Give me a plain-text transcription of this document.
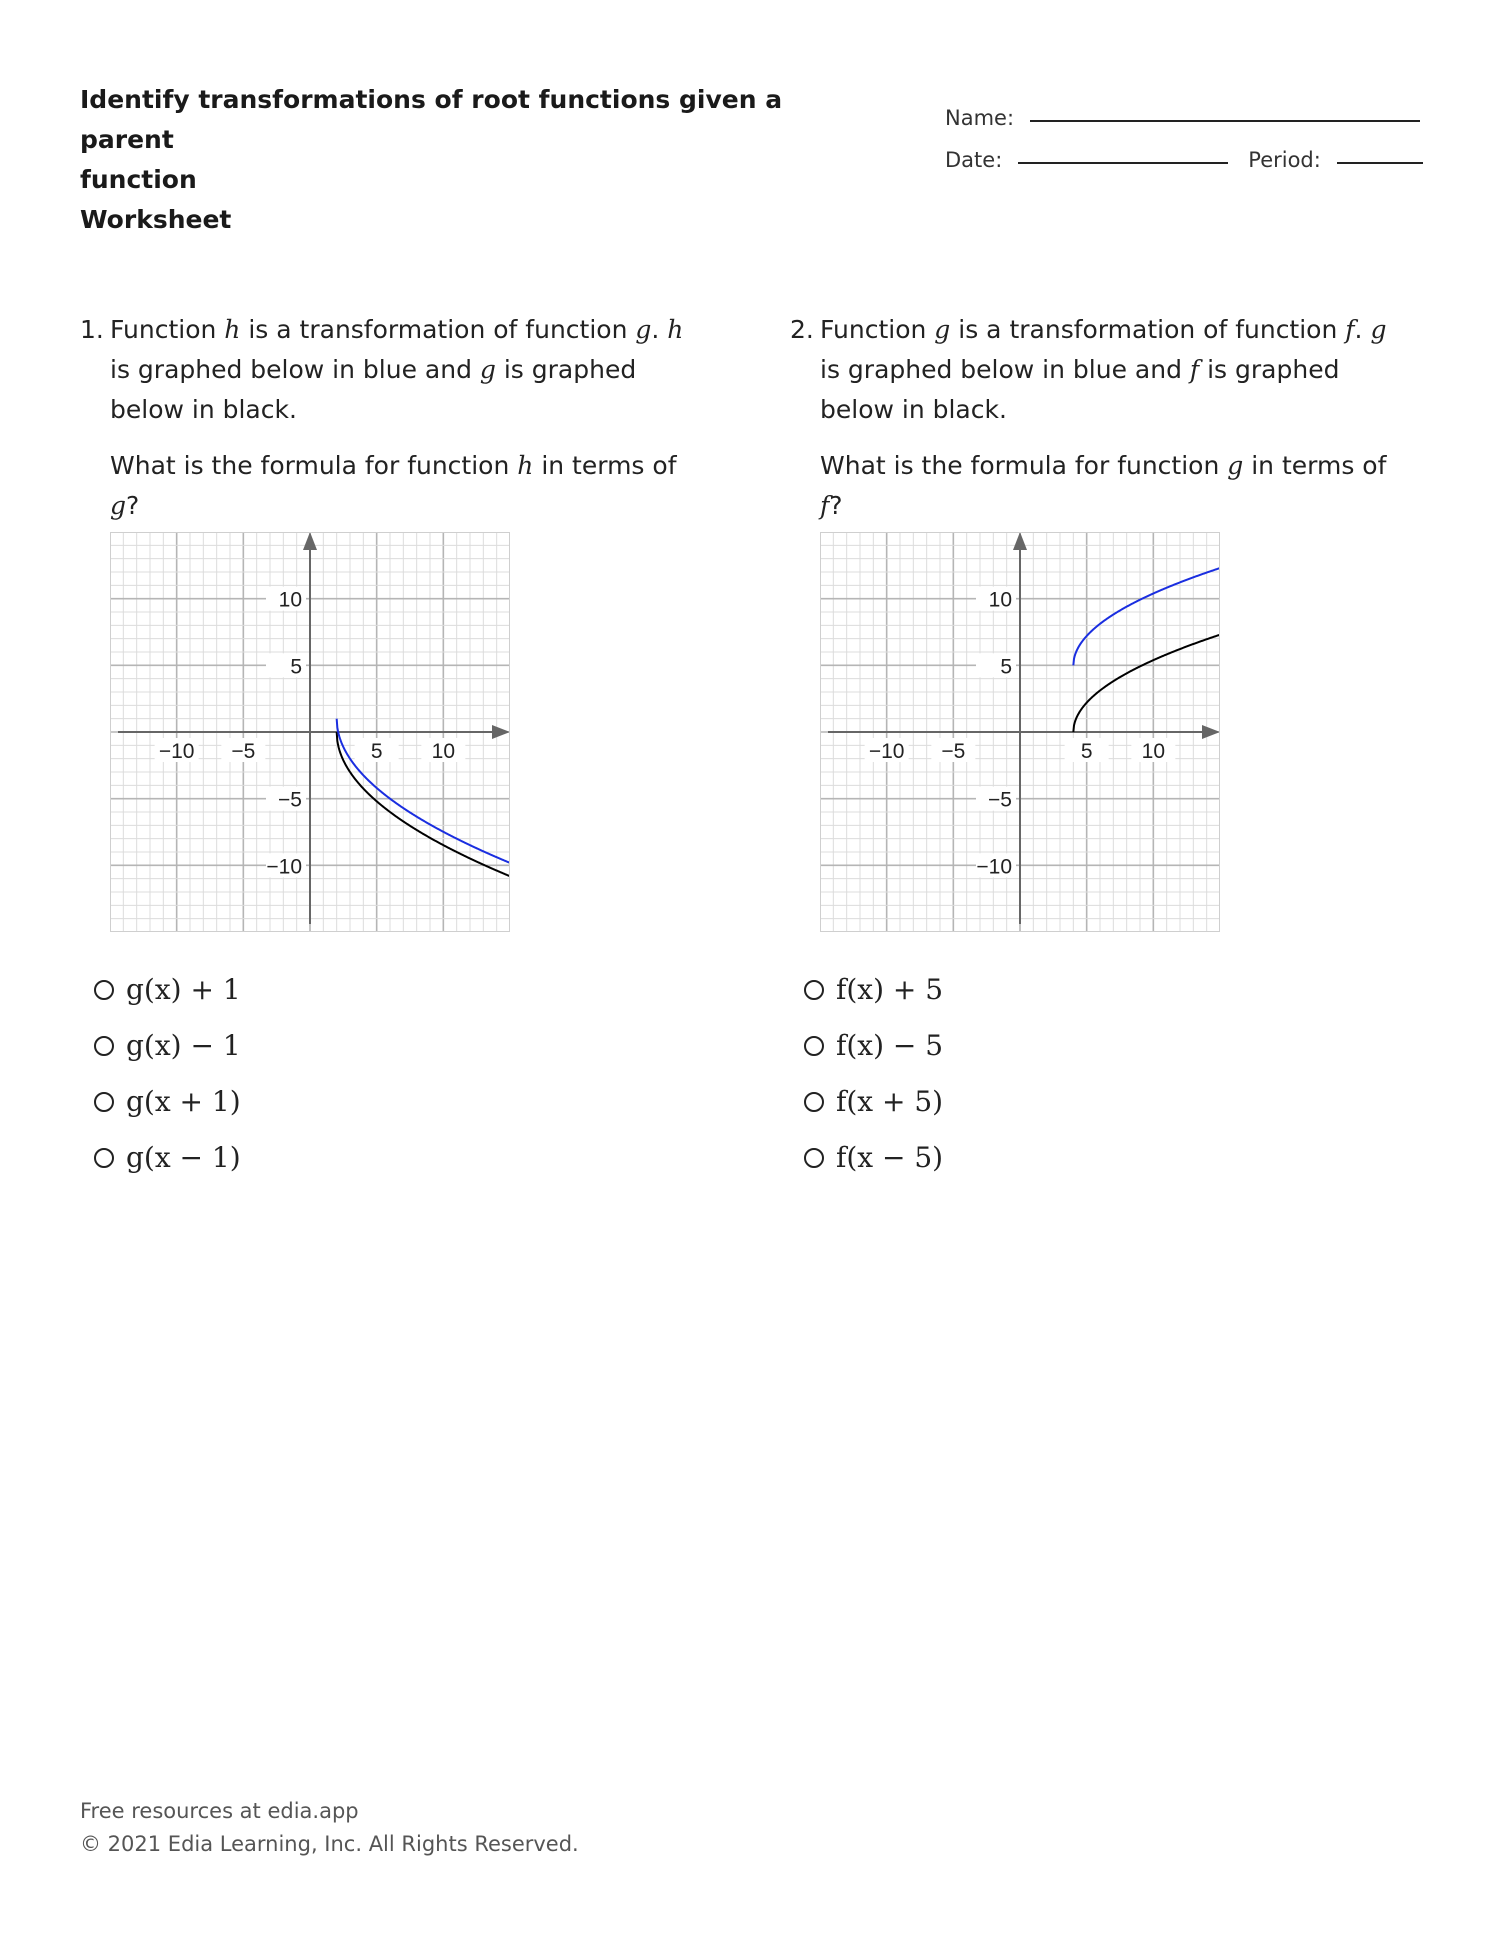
Identify transformations of root functions given a parent
function
Worksheet
Name:
Date:	Period:
1. Function h is a transformation of function g. h is graphed below in blue and g is graphed below in black.
What is the formula for function h in terms of g?
−10 −5	5 10
10
5
−5
−10
g(x) + 1
g(x) − 1
g(x + 1)
g(x − 1)
2. Function g is a transformation of function f. g is graphed below in blue and f is graphed below in black.
What is the formula for function g in terms of f?
−10 −5	5 10
10
5
−5
−10
f(x) + 5
f(x) − 5
f(x + 5)
f(x − 5)
Free resources at edia.app
© 2021 Edia Learning, Inc. All Rights Reserved.
